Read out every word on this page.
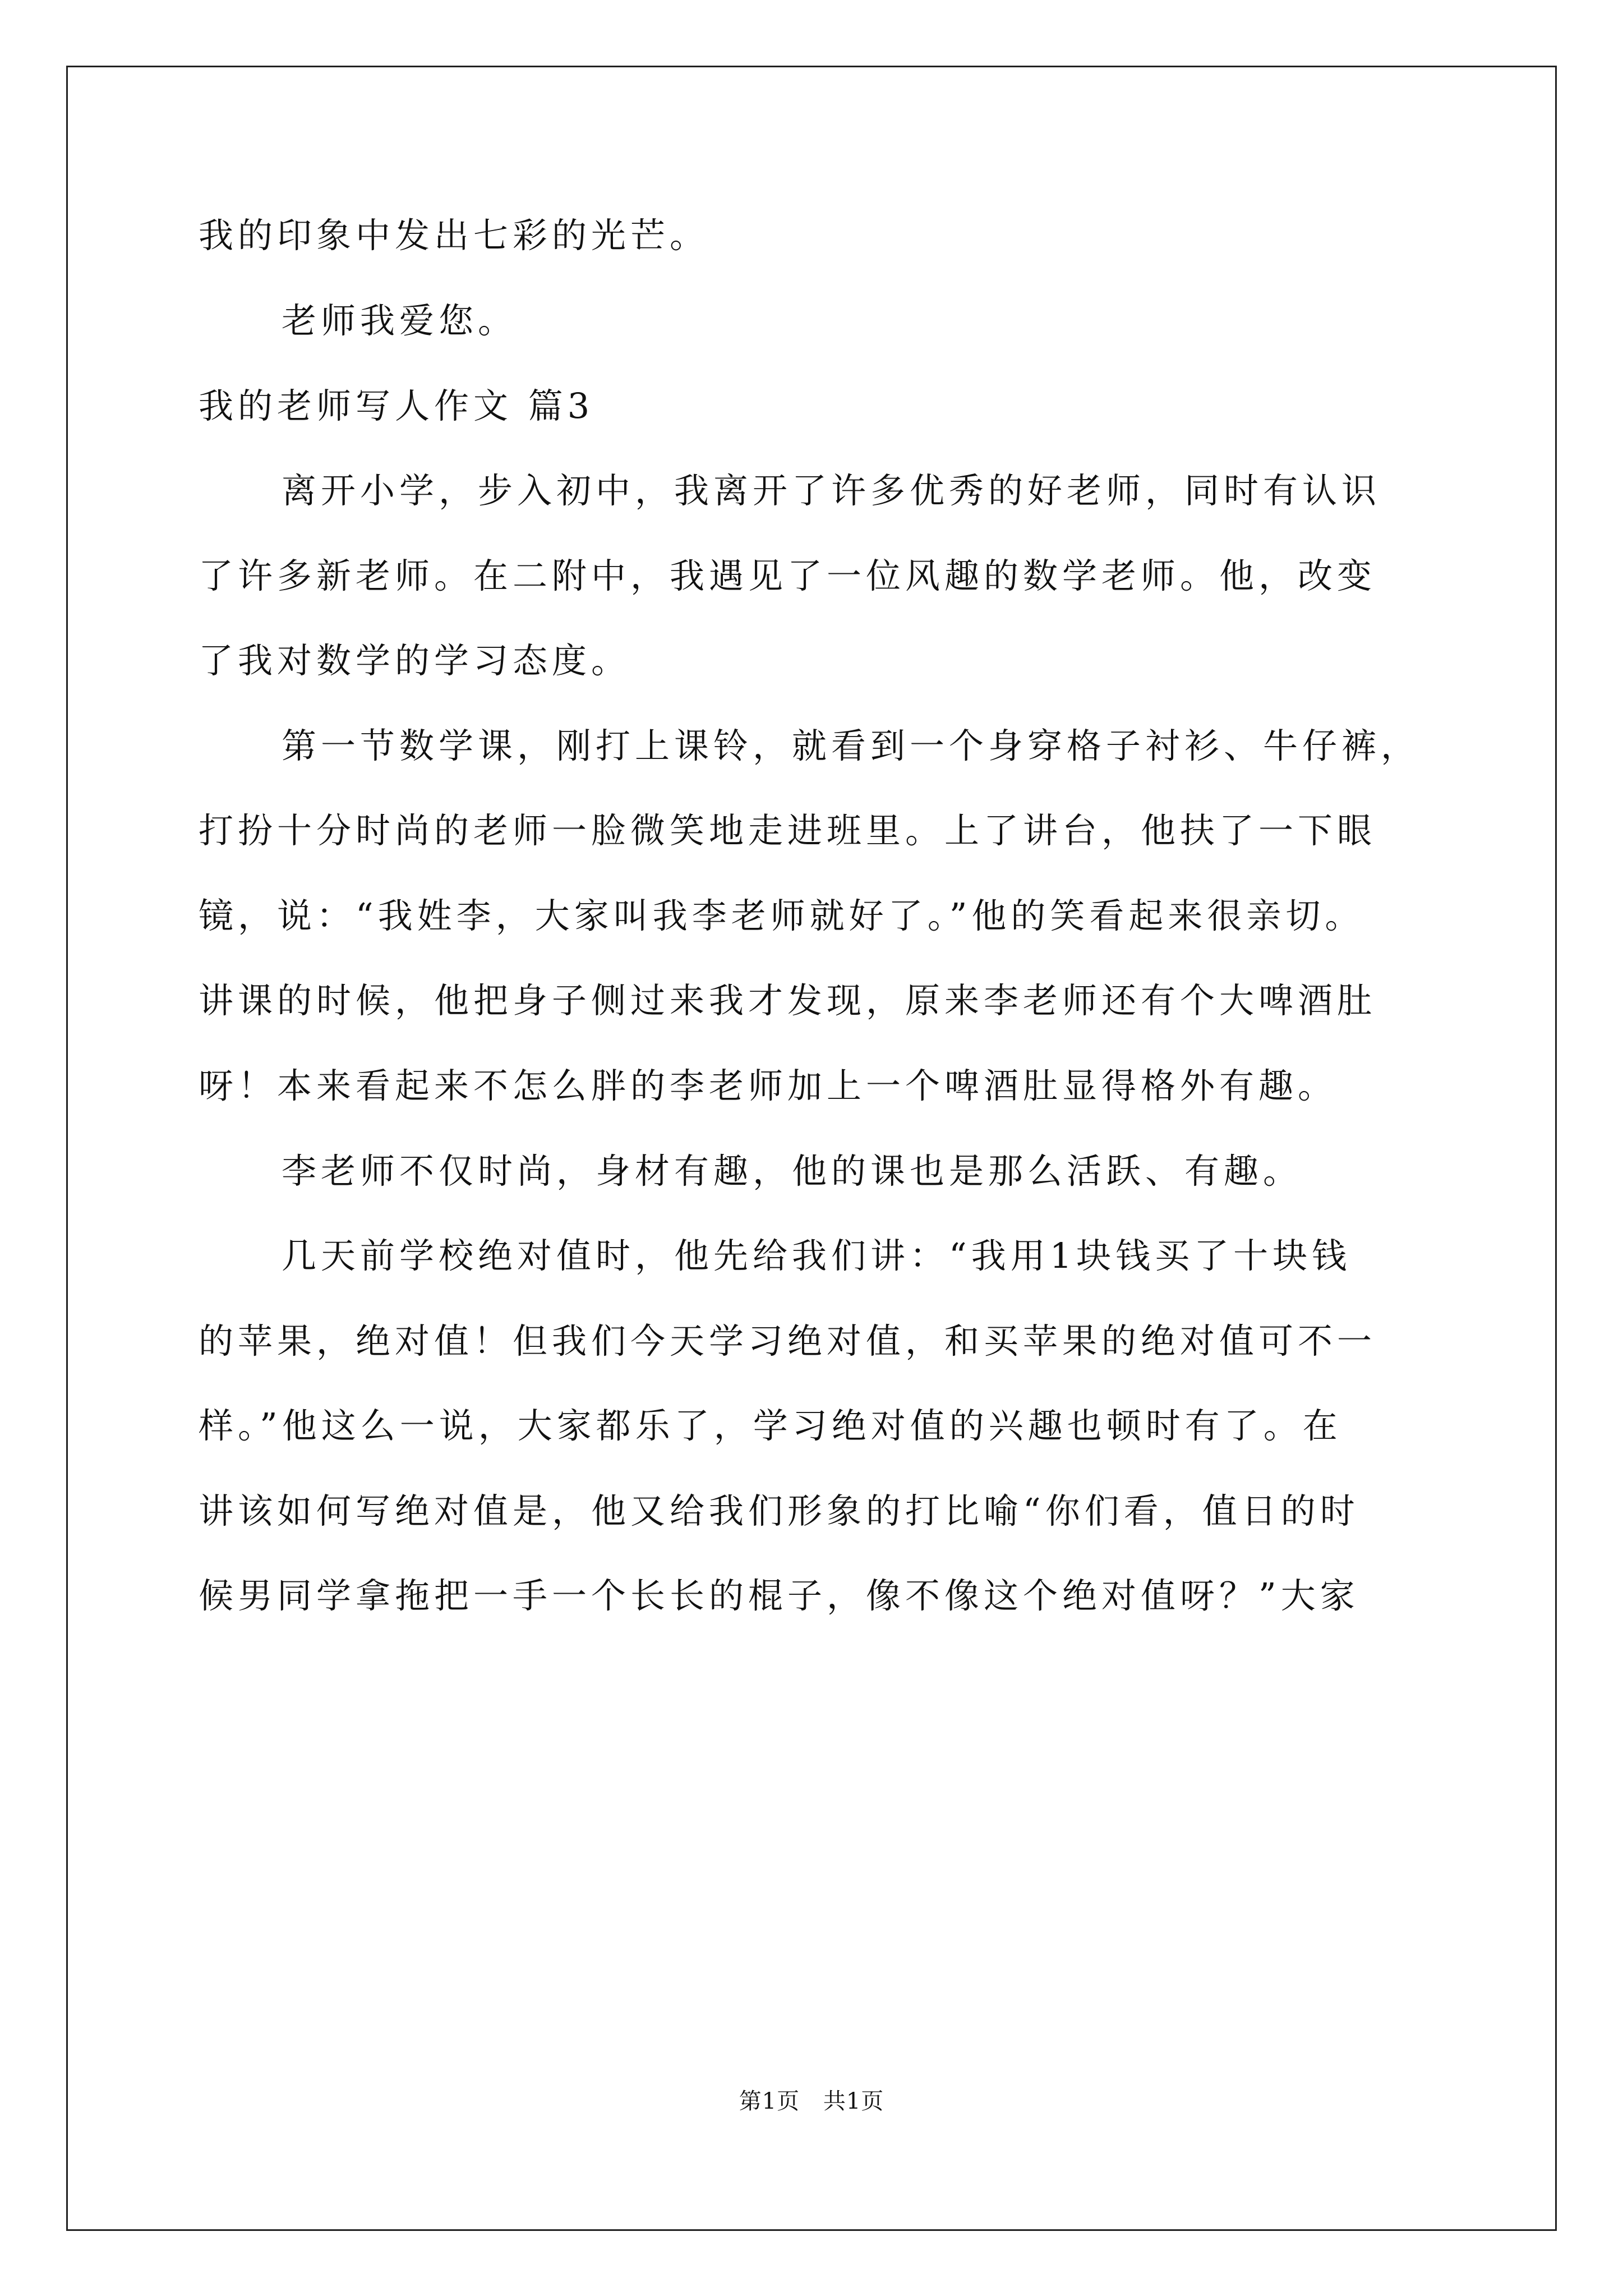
我的印象中发出七彩的光芒。
老师我爱您。
我的老师写人作文 篇3
离开小学，步入初中，我离开了许多优秀的好老师，同时有认识
了许多新老师。在二附中，我遇见了一位风趣的数学老师。他，改变
了我对数学的学习态度。
第一节数学课，刚打上课铃，就看到一个身穿格子衬衫、牛仔裤，
打扮十分时尚的老师一脸微笑地走进班里。上了讲台，他扶了一下眼
镜，说：“我姓李，大家叫我李老师就好了。”他的笑看起来很亲切。
讲课的时候，他把身子侧过来我才发现，原来李老师还有个大啤酒肚
呀！本来看起来不怎么胖的李老师加上一个啤酒肚显得格外有趣。
李老师不仅时尚，身材有趣，他的课也是那么活跃、有趣。
几天前学校绝对值时，他先给我们讲：“我用1块钱买了十块钱
的苹果，绝对值！但我们今天学习绝对值，和买苹果的绝对值可不一
样。”他这么一说，大家都乐了，学习绝对值的兴趣也顿时有了。在
讲该如何写绝对值是，他又给我们形象的打比喻“你们看，值日的时
候男同学拿拖把一手一个长长的棍子，像不像这个绝对值呀？”大家
第1页 共1页
